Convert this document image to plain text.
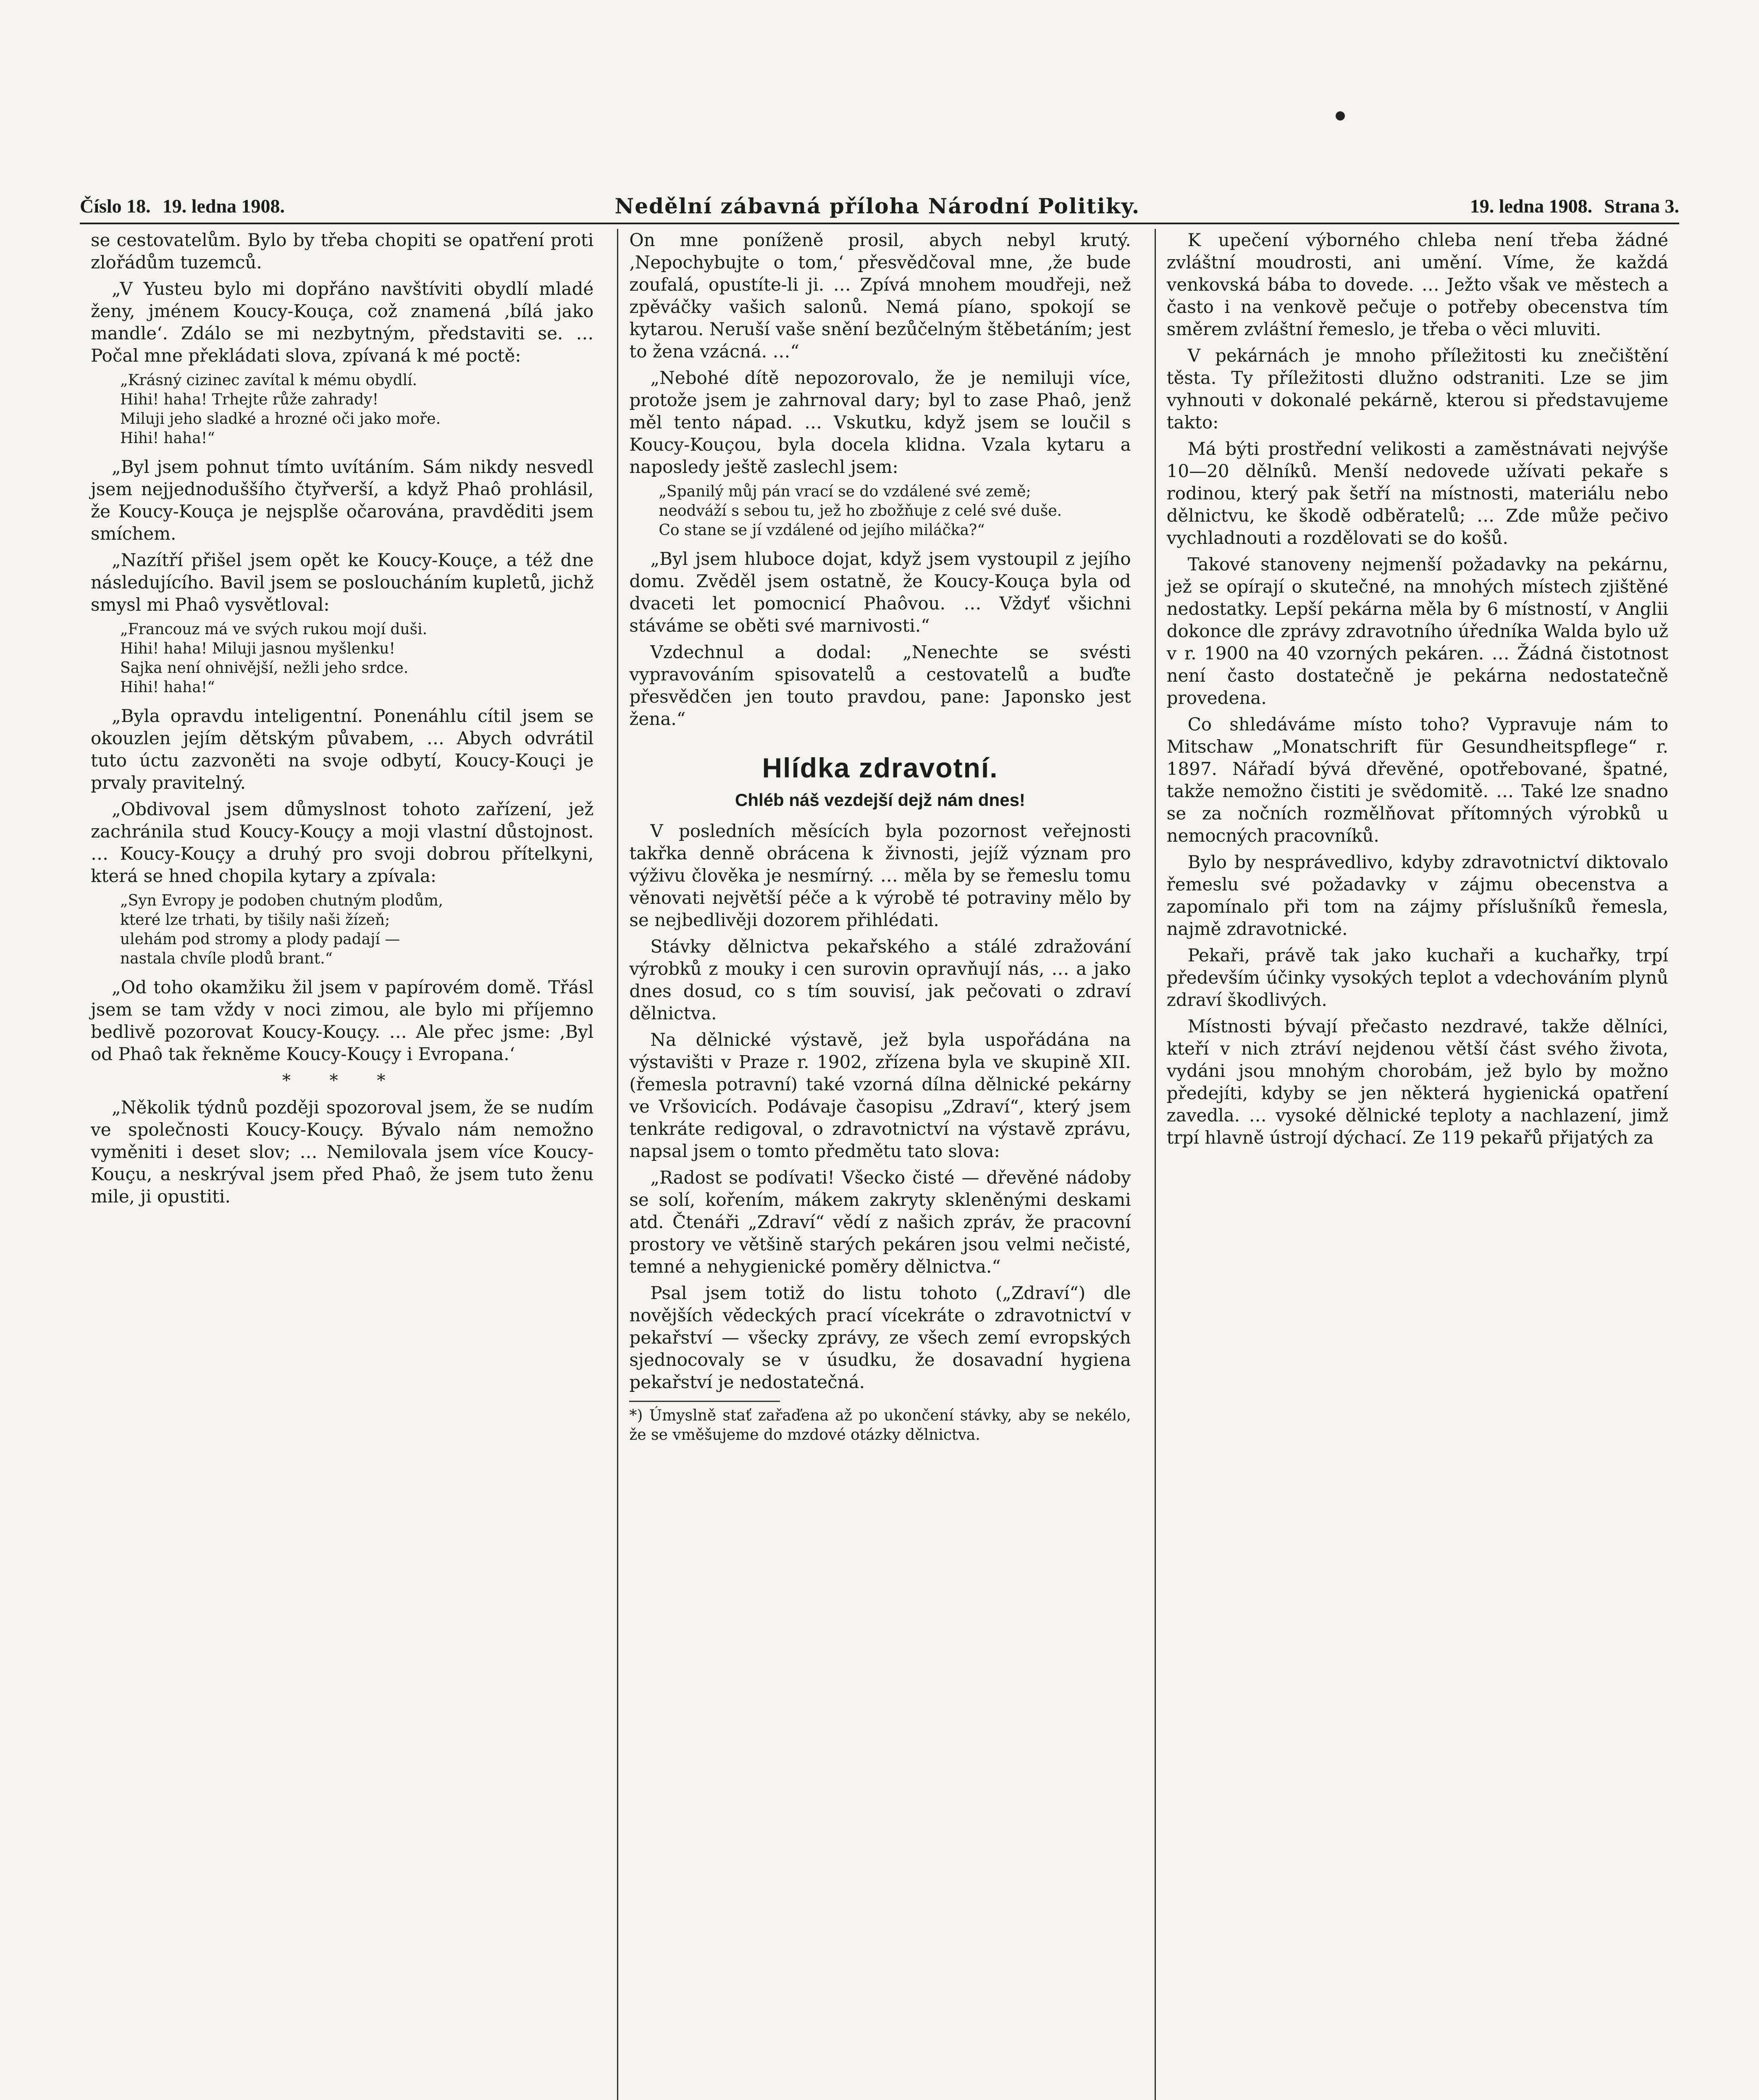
Číslo 18. 19. ledna 1908.	Nedělní zábavná příloha Národní Politiky.	19. ledna 1908. Strana 3.

se cestovatelům. Bylo by třeba chopiti se opatření proti zlořádům tuzemců.

„V Yusteu bylo mi dopřáno navštíviti obydlí mladé ženy, jménem Koucy-Kouça, což znamená ‚bílá jako mandle‘. Zdálo se mi nezbytným, představiti se. … Počal mne překládati slova, zpívaná k mé poctě:

„Krásný cizinec zavítal k mému obydlí.
Hihi! haha! Trhejte růže zahrady!
Miluji jeho sladké a hrozné oči jako moře.
Hihi! haha!“

„Byl jsem pohnut tímto uvítáním. Sám nikdy nesvedl jsem nejjednoduššího čtyřverší, a když Phaô prohlásil, že Koucy-Kouça je nejsplše očarována, pravděditi jsem smíchem.

„Nazítří přišel jsem opět ke Koucy-Kouçe, a též dne následujícího. Bavil jsem se posloucháním kupletů, jichž smysl mi Phaô vysvětloval:

„Francouz má ve svých rukou mojí duši.
Hihi! haha! Miluji jasnou myšlenku!
Sajka není ohnivější, nežli jeho srdce.
Hihi! haha!“

„Byla opravdu inteligentní. Ponenáhlu cítil jsem se okouzlen jejím dětským půvabem, … Abych odvrátil tuto úctu zazvoněti na svoje odbytí, Koucy-Kouçi je prvaly pravitelný.

„Obdivoval jsem důmyslnost tohoto zařízení, jež zachránila stud Koucy-Kouçy a moji vlastní důstojnost. … Koucy-Kouçy a druhý pro svoji dobrou přítelkyni, která se hned chopila kytary a zpívala:

„Syn Evropy je podoben chutným plodům,
které lze trhati, by tišily naši žízeň;
ulehám pod stromy a plody padají —
nastala chvíle plodů brant.“

„Od toho okamžiku žil jsem v papírovém domě. Třásl jsem se tam vždy v noci zimou, ale bylo mi příjemno bedlivě pozorovat Koucy-Kouçy. … Ale přec jsme: ‚Byl od Phaô tak řekněme Koucy-Kouçy i Evropana.‘

* * *

„Několik týdnů později spozoroval jsem, že se nudím ve společnosti Koucy-Kouçy. Bývalo nám nemožno vyměniti i deset slov; … Nemilovala jsem více Koucy-Kouçu, a neskrýval jsem před Phaô, že jsem tuto ženu mile, ji opustiti.

On mne poníženě prosil, abych nebyl krutý. ‚Nepochybujte o tom,‘ přesvědčoval mne, ‚že bude zoufalá, opustíte-li ji. … Zpívá mnohem moudřeji, než zpěváčky vašich salonů. Nemá píano, spokojí se kytarou. Neruší vaše snění bezůčelným štěbetáním; jest to žena vzácná. …“

„Nebohé dítě nepozorovalo, že je nemiluji více, protože jsem je zahrnoval dary; byl to zase Phaô, jenž měl tento nápad. … Vskutku, když jsem se loučil s Koucy-Kouçou, byla docela klidna. Vzala kytaru a naposledy ještě zaslechl jsem:

„Spanilý můj pán vrací se do vzdálené své země;
neodváží s sebou tu, jež ho zbožňuje z celé své duše.
Co stane se jí vzdálené od jejího miláčka?“

„Byl jsem hluboce dojat, když jsem vystoupil z jejího domu. Zvěděl jsem ostatně, že Koucy-Kouça byla od dvaceti let pomocnicí Phaôvou. … Vždyť všichni stáváme se oběti své marnivosti.“

Vzdechnul a dodal: „Nenechte se svésti vypravováním spisovatelů a cestovatelů a buďte přesvědčen jen touto pravdou, pane: Japonsko jest žena.“

Hlídka zdravotní.
Chléb náš vezdejší dejž nám dnes!

V posledních měsících byla pozornost veřejnosti takřka denně obrácena k živnosti, jejíž význam pro výživu člověka je nesmírný. … měla by se řemeslu tomu věnovati největší péče a k výrobě té potraviny mělo by se nejbedlivěji dozorem přihlédati.

Stávky dělnictva pekařského a stálé zdražování výrobků z mouky i cen surovin opravňují nás, … a jako dnes dosud, co s tím souvisí, jak pečovati o zdraví dělnictva.

Na dělnické výstavě, jež byla uspořádána na výstavišti v Praze r. 1902, zřízena byla ve skupině XII. (řemesla potravní) také vzorná dílna dělnické pekárny ve Vršovicích. Podávaje časopisu „Zdraví“, který jsem tenkráte redigoval, o zdravotnictví na výstavě zprávu, napsal jsem o tomto předmětu tato slova:

„Radost se podívati! Všecko čisté — dřevěné nádoby se solí, kořením, mákem zakryty skleněnými deskami atd. Čtenáři „Zdraví“ vědí z našich zpráv, že pracovní prostory ve většině starých pekáren jsou velmi nečisté, temné a nehygienické poměry dělnictva.“

Psal jsem totiž do listu tohoto („Zdraví“) dle novějších vědeckých prací vícekráte o zdravotnictví v pekařství — všecky zprávy, ze všech zemí evropských sjednocovaly se v úsudku, že dosavadní hygiena pekařství je nedostatečná.

*) Úmyslně stať zařaďena až po ukončení stávky, aby se nekélo, že se vměšujeme do mzdové otázky dělnictva.

K upečení výborného chleba není třeba žádné zvláštní moudrosti, ani umění. Víme, že každá venkovská bába to dovede. … Ježto však ve městech a často i na venkově pečuje o potřeby obecenstva tím směrem zvláštní řemeslo, je třeba o věci mluviti.

V pekárnách je mnoho příležitosti ku znečištění těsta. Ty příležitosti dlužno odstraniti. Lze se jim vyhnouti v dokonalé pekárně, kterou si představujeme takto:

Má býti prostřední velikosti a zaměstnávati nejvýše 10—20 dělníků. Menší nedovede užívati pekaře s rodinou, který pak šetří na místnosti, materiálu nebo dělnictvu, ke škodě odběratelů; … Zde může pečivo vychladnouti a rozdělovati se do košů.

Takové stanoveny nejmenší požadavky na pekárnu, jež se opírají o skutečné, na mnohých místech zjištěné nedostatky. Lepší pekárna měla by 6 místností, v Anglii dokonce dle zprávy zdravotního úředníka Walda bylo už v r. 1900 na 40 vzorných pekáren. … Žádná čistotnost není často dostatečně je pekárna nedostatečně provedena.

Co shledáváme místo toho? Vypravuje nám to Mitschaw „Monatschrift für Gesundheitspflege“ r. 1897. Nářadí bývá dřevěné, opotřebované, špatné, takže nemožno čistiti je svědomitě. … Také lze snadno se za nočních rozmělňovat přítomných výrobků u nemocných pracovníků.

Bylo by nesprávedlivo, kdyby zdravotnictví diktovalo řemeslu své požadavky v zájmu obecenstva a zapomínalo při tom na zájmy příslušníků řemesla, najmě zdravotnické.

Pekaři, právě tak jako kuchaři a kuchařky, trpí především účinky vysokých teplot a vdechováním plynů zdraví škodlivých.

Místnosti bývají přečasto nezdravé, takže dělníci, kteří v nich ztráví nejdenou větší část svého života, vydáni jsou mnohým chorobám, jež bylo by možno předejíti, kdyby se jen některá hygienická opatření zavedla. … vysoké dělnické teploty a nachlazení, jimž trpí hlavně ústrojí dýchací. Ze 119 pekařů přijatých za
